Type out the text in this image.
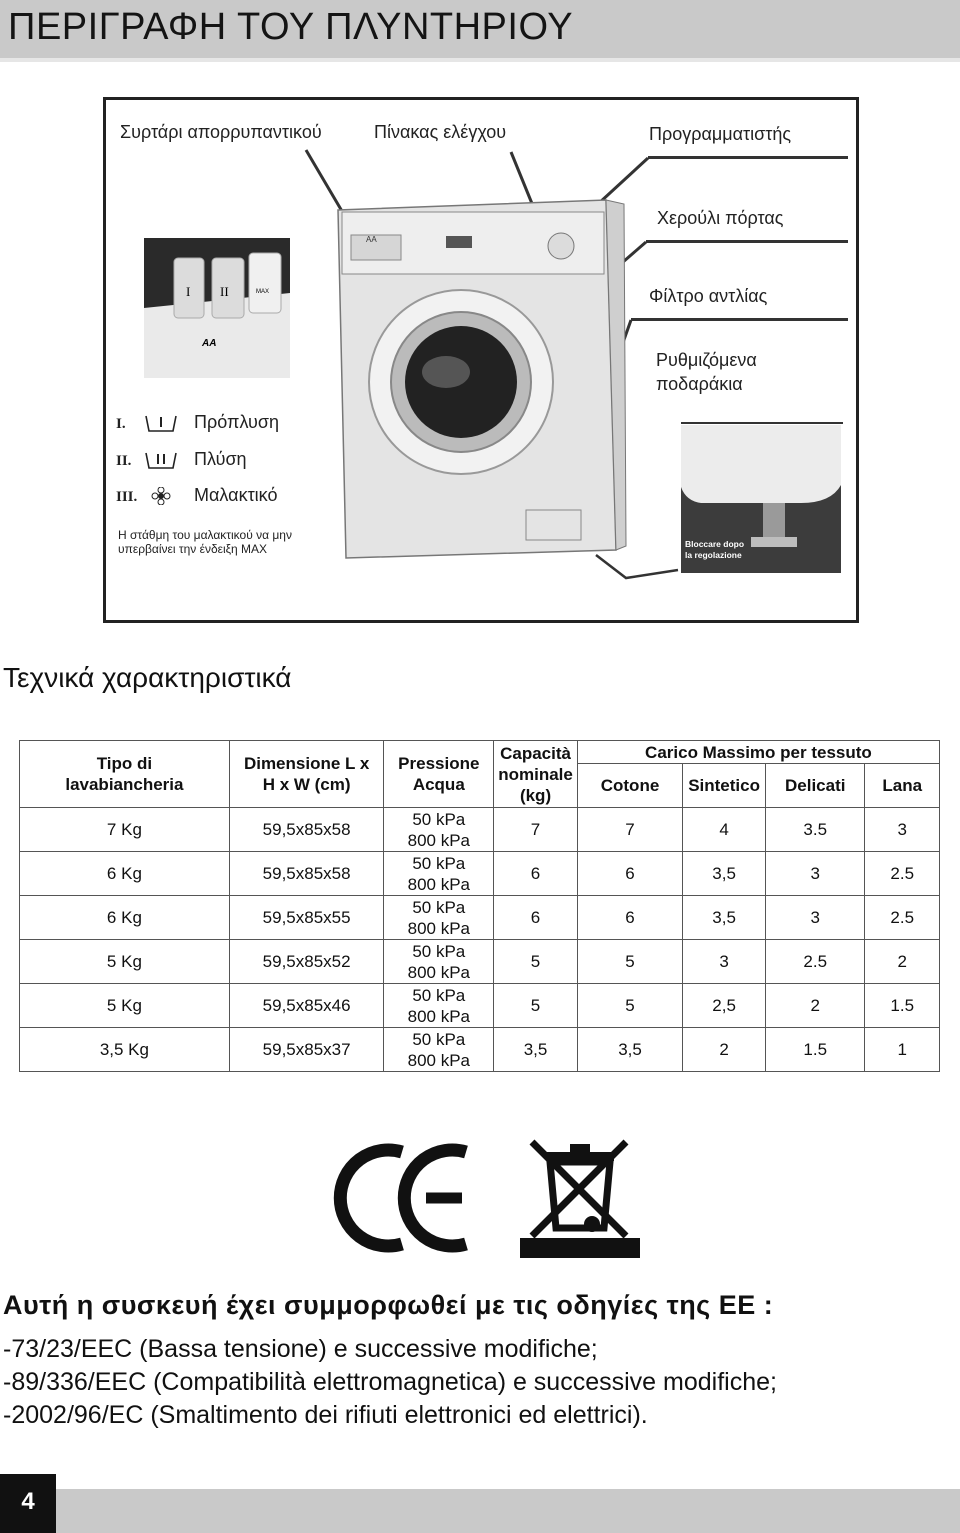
ΠΕΡΙΓΡΑΦΗ ΤΟΥ ΠΛΥΝΤΗΡΙΟΥ
Συρτάρι απορρυπαντικού	Πίνακας ελέγχου	Προγραμματιστής
Χερούλι πόρτας
Φίλτρο αντλίας
Ρυθμιζόμενα
ποδαράκια
AA
I II	MAX
AA
I.	Πρόπλυση
II.	Πλύση
III.	Μαλακτικό
Η στάθμη του μαλακτικού να μην υπερβαίνει την ένδειξη MAX	Bloccare dopo
la regolazione
Τεχνικά χαρακτηριστικά
Tipo di lavabiancheria	Dimensione L x H x W (cm)	Pressione Acqua	Capacità nominale (kg)	Carico Massimo per tessuto			
				Cotone	Sintetico	Delicati	Lana
7 Kg	59,5x85x58	50 kPa
800 kPa	7	7	4	3.5	3
6 Kg	59,5x85x58	50 kPa
800 kPa	6	6	3,5	3	2.5
6 Kg	59,5x85x55	50 kPa
800 kPa	6	6	3,5	3	2.5
5 Kg	59,5x85x52	50 kPa
800 kPa	5	5	3	2.5	2
5 Kg	59,5x85x46	50 kPa
800 kPa	5	5	2,5	2	1.5
3,5 Kg	59,5x85x37	50 kPa
800 kPa	3,5	3,5	2	1.5	1
Αυτή η συσκευή έχει συμμορφωθεί με τις οδηγίες της ΕΕ :
-73/23/EEC (Bassa tensione) e successive modifiche;
-89/336/EEC (Compatibilità elettromagnetica) e successive modifiche;
-2002/96/EC (Smaltimento dei rifiuti elettronici ed elettrici).
4
